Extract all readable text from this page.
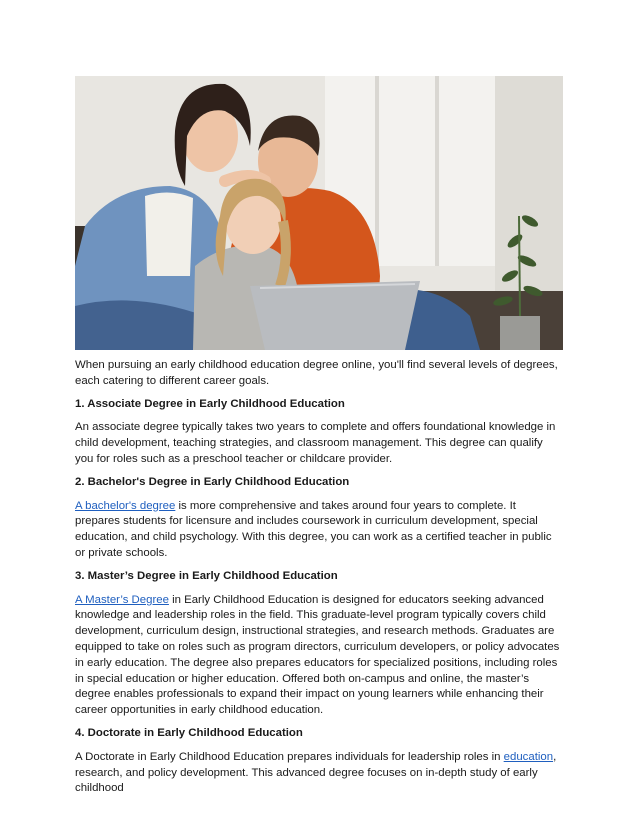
When pursuing an early childhood education degree online, you'll find several levels of degrees, each catering to different career goals.

1. Associate Degree in Early Childhood Education

An associate degree typically takes two years to complete and offers foundational knowledge in child development, teaching strategies, and classroom management. This degree can qualify you for roles such as a preschool teacher or childcare provider.

2. Bachelor's Degree in Early Childhood Education

A bachelor's degree is more comprehensive and takes around four years to complete. It prepares students for licensure and includes coursework in curriculum development, special education, and child psychology. With this degree, you can work as a certified teacher in public or private schools.

3. Master’s Degree in Early Childhood Education

A Master’s Degree in Early Childhood Education is designed for educators seeking advanced knowledge and leadership roles in the field. This graduate-level program typically covers child development, curriculum design, instructional strategies, and research methods. Graduates are equipped to take on roles such as program directors, curriculum developers, or policy advocates in early education. The degree also prepares educators for specialized positions, including roles in special education or higher education. Offered both on-campus and online, the master’s degree enables professionals to expand their impact on young learners while enhancing their career opportunities in early childhood education.

4. Doctorate in Early Childhood Education

A Doctorate in Early Childhood Education prepares individuals for leadership roles in education, research, and policy development. This advanced degree focuses on in-depth study of early childhood
